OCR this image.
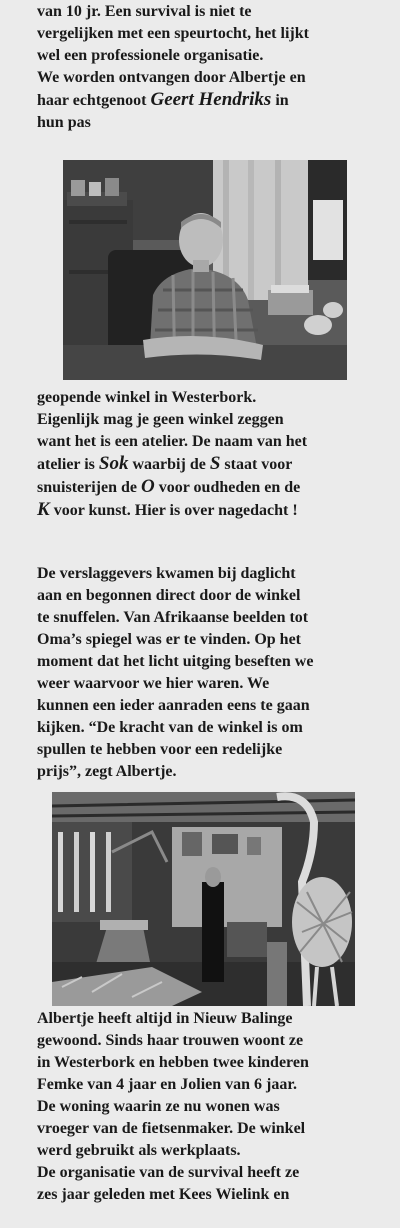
van 10 jr. Een survival is niet te
vergelijken met een speurtocht, het lijkt
wel een professionele organisatie.
We worden ontvangen door Albertje en
haar echtgenoot Geert Hendriks in
hun pas
geopende winkel in Westerbork.
Eigenlijk mag je geen winkel zeggen
want het is een atelier. De naam van het
atelier is Sok waarbij de S staat voor
snuisterijen de O voor oudheden en de
K voor kunst. Hier is over nagedacht !
De verslaggevers kwamen bij daglicht
aan en begonnen direct door de winkel
te snuffelen. Van Afrikaanse beelden tot
Oma’s spiegel was er te vinden. Op het
moment dat het licht uitging beseften we
weer waarvoor we hier waren. We
kunnen een ieder aanraden eens te gaan
kijken. “De kracht van de winkel is om
spullen te hebben voor een redelijke
prijs”, zegt Albertje.
Albertje heeft altijd in Nieuw Balinge
gewoond. Sinds haar trouwen woont ze
in Westerbork en hebben twee kinderen
Femke van 4 jaar en Jolien van 6 jaar.
De woning waarin ze nu wonen was
vroeger van de fietsenmaker. De winkel
werd gebruikt als werkplaats.
De organisatie van de survival heeft ze
zes jaar geleden met Kees Wielink en
